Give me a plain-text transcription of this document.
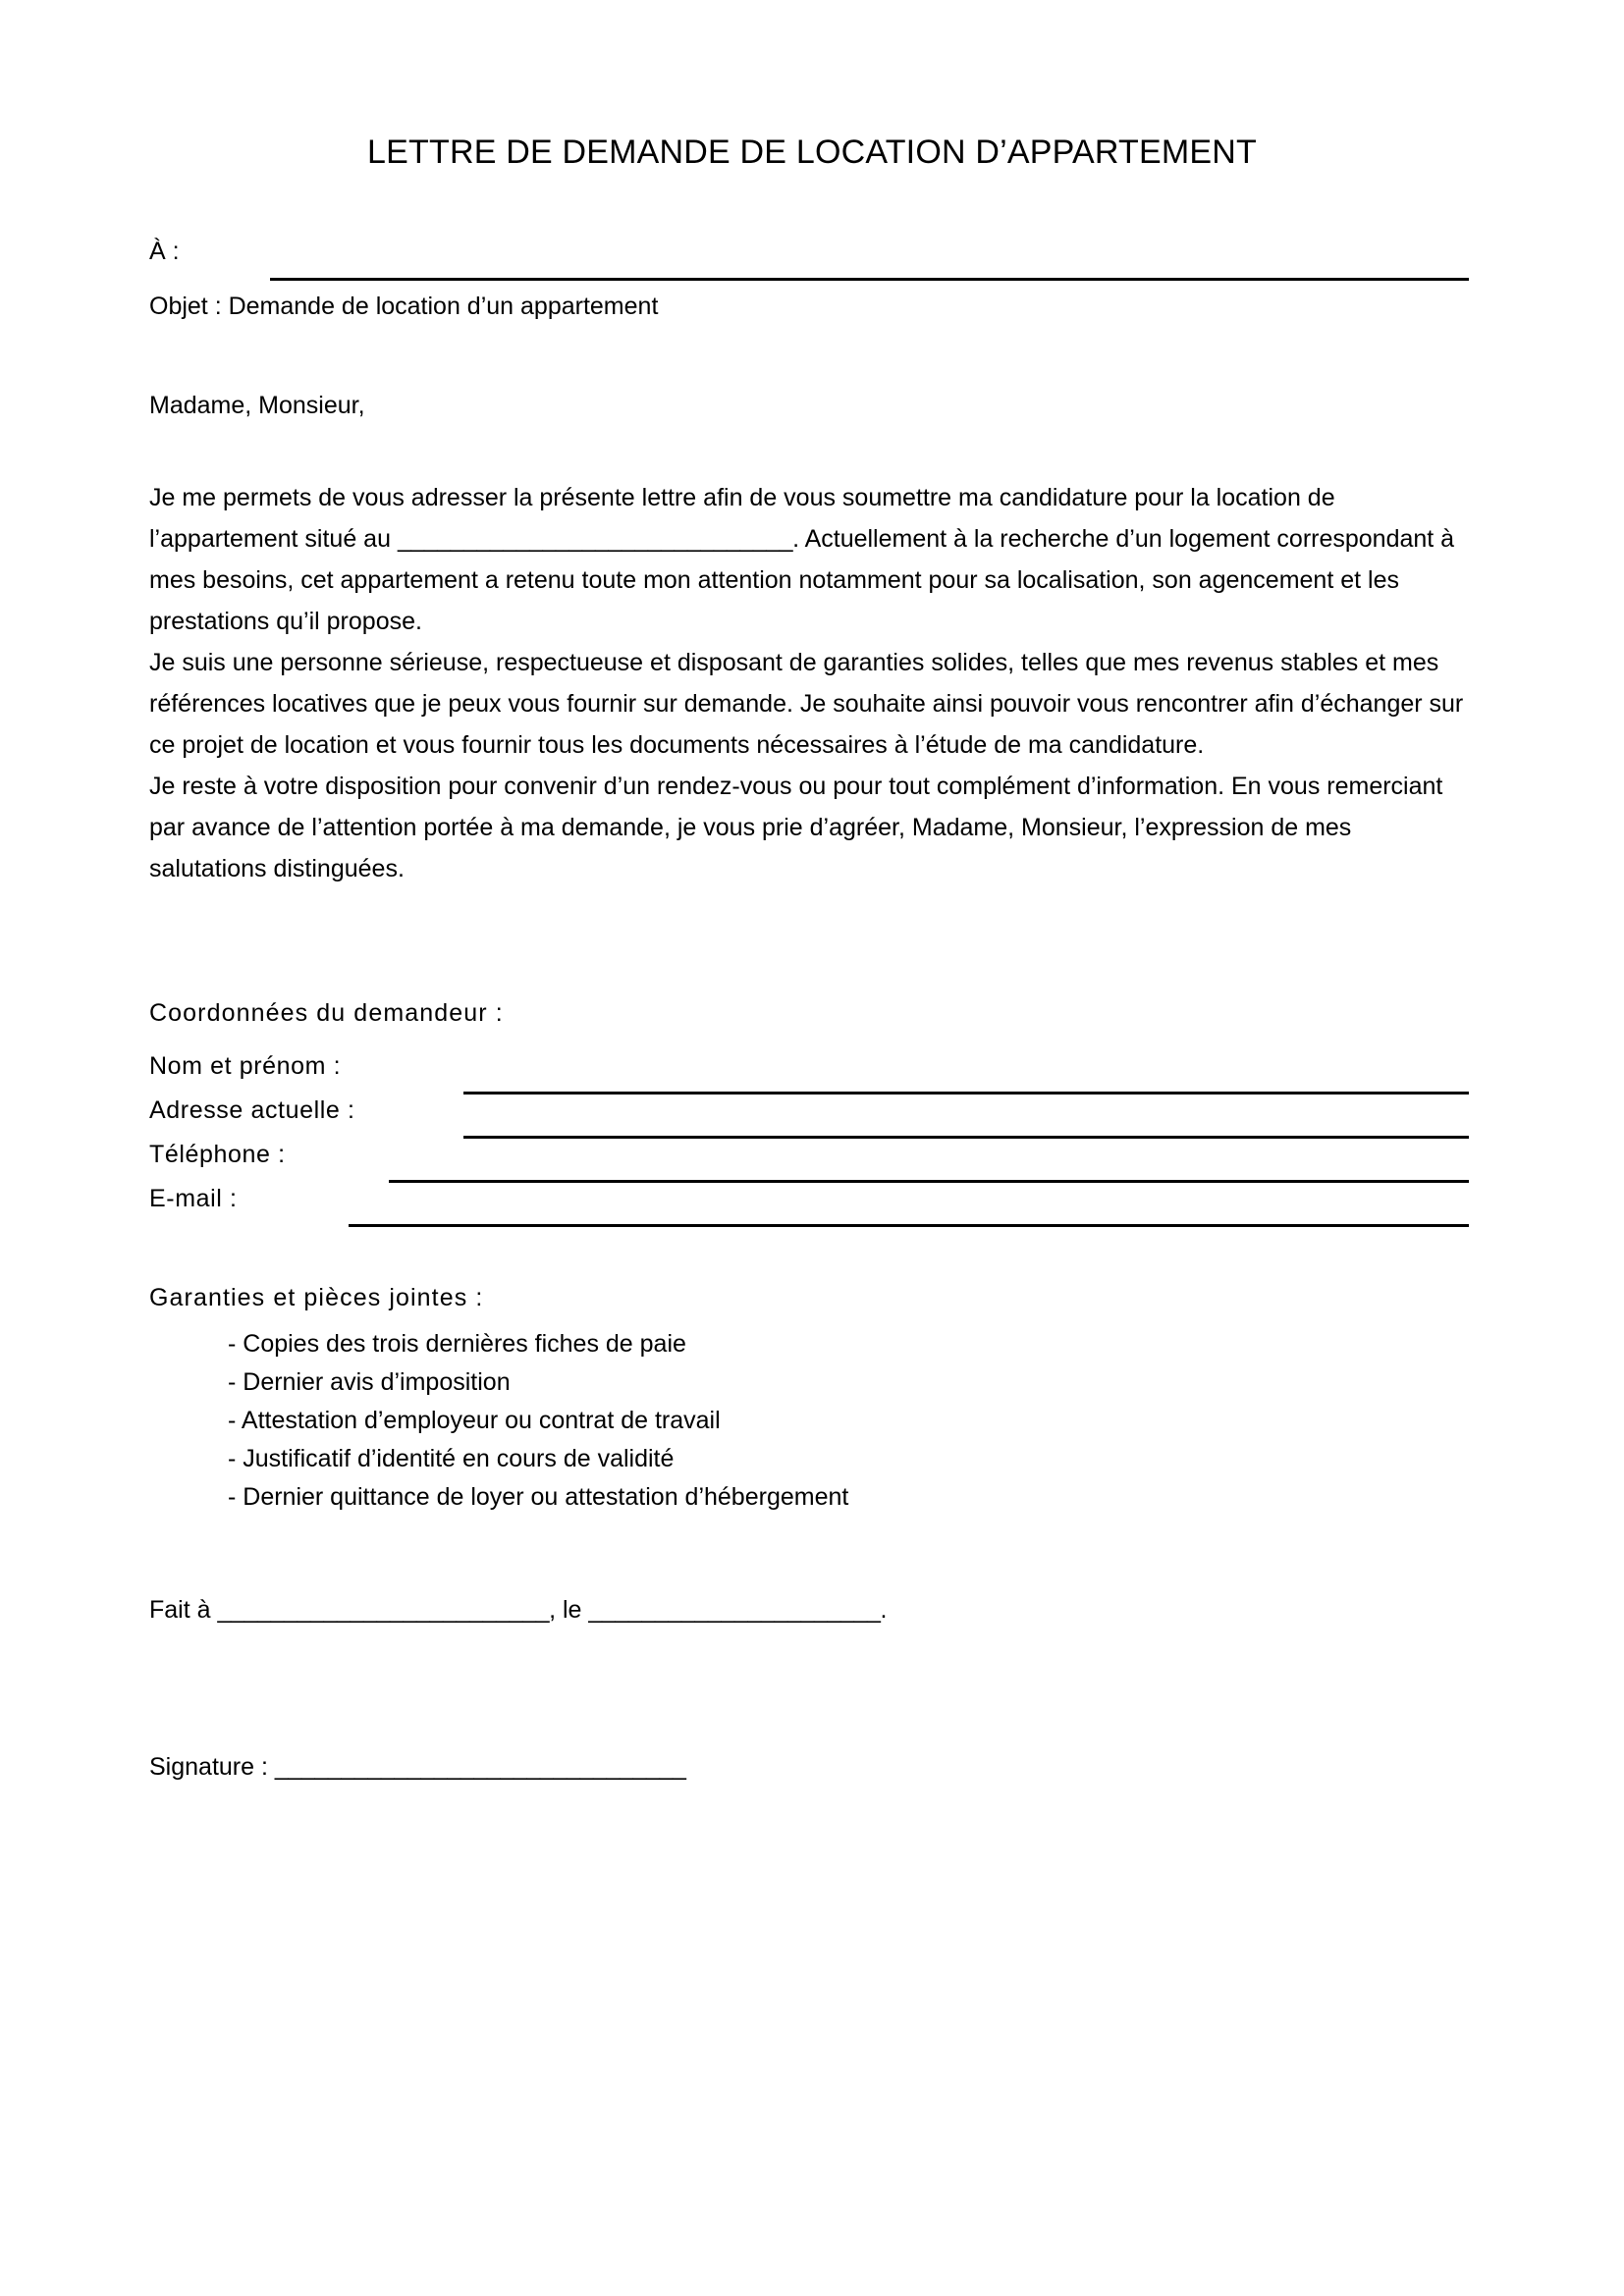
LETTRE DE DEMANDE DE LOCATION D’APPARTEMENT
À :
Objet : Demande de location d’un appartement
Madame, Monsieur,

Je me permets de vous adresser la présente lettre afin de vous soumettre ma candidature pour la location de l’appartement situé au ______________________________. Actuellement à la recherche d’un logement correspondant à mes besoins, cet appartement a retenu toute mon attention notamment pour sa localisation, son agencement et les prestations qu’il propose.

Je suis une personne sérieuse, respectueuse et disposant de garanties solides, telles que mes revenus stables et mes références locatives que je peux vous fournir sur demande. Je souhaite ainsi pouvoir vous rencontrer afin d’échanger sur ce projet de location et vous fournir tous les documents nécessaires à l’étude de ma candidature.

Je reste à votre disposition pour convenir d’un rendez-vous ou pour tout complément d’information. En vous remerciant par avance de l’attention portée à ma demande, je vous prie d’agréer, Madame, Monsieur, l’expression de mes salutations distinguées.

Coordonnées du demandeur :
Nom et prénom :
Adresse actuelle :
Téléphone :
E-mail :
Garanties et pièces jointes :
- Copies des trois dernières fiches de paie
- Dernier avis d’imposition
- Attestation d’employeur ou contrat de travail
- Justificatif d’identité en cours de validité
- Dernier quittance de loyer ou attestation d’hébergement
Fait à _________________________, le ______________________.
Signature : _______________________________
